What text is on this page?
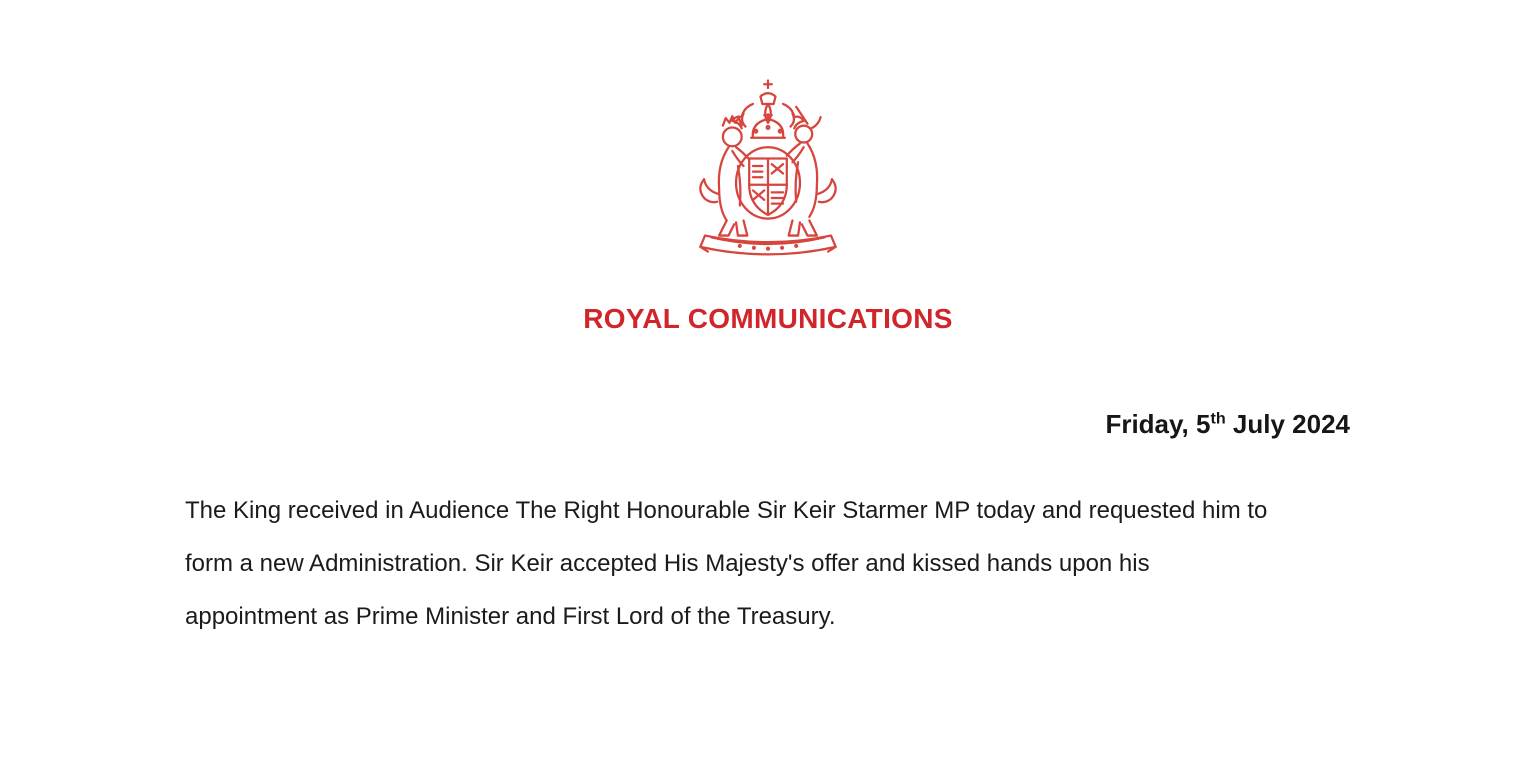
ROYAL COMMUNICATIONS
Friday, 5th July 2024
The King received in Audience The Right Honourable Sir Keir Starmer MP today and requested him to
form a new Administration. Sir Keir accepted His Majesty's offer and kissed hands upon his
appointment as Prime Minister and First Lord of the Treasury.
